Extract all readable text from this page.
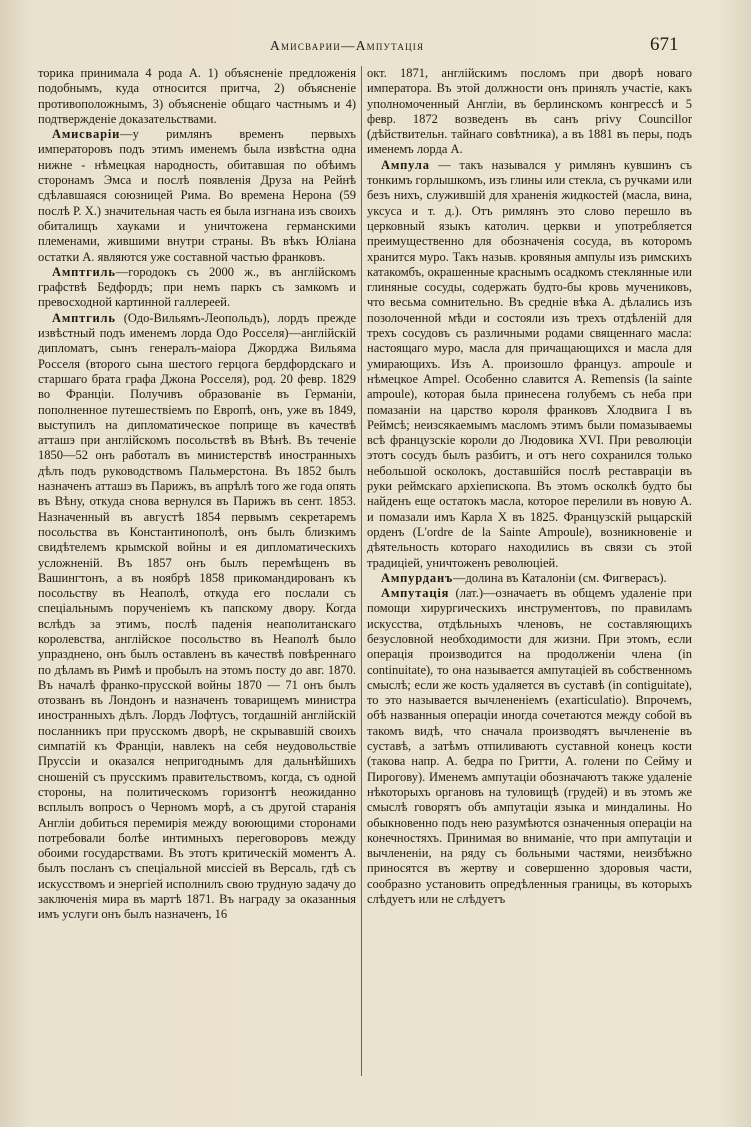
Амисварии—Ампутація	671

торика принимала 4 рода А. 1) объясненіе предложенія подобнымъ, куда относится притча, 2) объясненіе противоположнымъ, 3) объясненіе общаго частнымъ и 4) подтвержденіе доказательствами.

Амисваріи—у римлянъ временъ первыхъ императоровъ подъ этимъ именемъ была извѣстна одна нижне - нѣмецкая народность, обитавшая по обѣимъ сторонамъ Эмса и послѣ появленія Друза на Рейнѣ сдѣлавшаяся союзницей Рима. Во времена Нерона (59 послѣ Р. Х.) значительная часть ея была изгнана изъ своихъ обиталищъ хауками и уничтожена германскими племенами, жившими внутри страны. Въ вѣкъ Юліана остатки А. являются уже составной частью франковъ.

Амптгиль—городокъ съ 2000 ж., въ англійскомъ графствѣ Бедфордъ; при немъ паркъ съ замкомъ и превосходной картинной галлереей.

Амптгиль (Одо-Вильямъ-Леопольдъ), лордъ прежде извѣстный подъ именемъ лорда Одо Росселя)—англійскій дипломатъ, сынъ генералъ-маіора Джорджа Вильяма Росселя (второго сына шестого герцога бердфордскаго и старшаго брата графа Джона Росселя), род. 20 февр. 1829 во Франціи. Получивъ образованіе въ Германіи, пополненное путешествіемъ по Европѣ, онъ, уже въ 1849, выступилъ на дипломатическое поприще въ качествѣ атташэ при англійскомъ посольствѣ въ Вѣнѣ. Въ теченіе 1850—52 онъ работалъ въ министерствѣ иностранныхъ дѣлъ подъ руководствомъ Пальмерстона. Въ 1852 былъ назначенъ атташэ въ Парижъ, въ апрѣлѣ того же года опять въ Вѣну, откуда снова вернулся въ Парижъ въ сент. 1853. Назначенный въ августѣ 1854 первымъ секретаремъ посольства въ Константинополѣ, онъ былъ близкимъ свидѣтелемъ крымской войны и ея дипломатическихъ усложненій. Въ 1857 онъ былъ перемѣщенъ въ Вашингтонъ, а въ ноябрѣ 1858 прикомандированъ къ посольству въ Неаполѣ, откуда его послали съ спеціальнымъ порученіемъ къ папскому двору. Когда вслѣдъ за этимъ, послѣ паденія неаполитанскаго королевства, англійское посольство въ Неаполѣ было упразднено, онъ былъ оставленъ въ качествѣ повѣреннаго по дѣламъ въ Римѣ и пробылъ на этомъ посту до авг. 1870. Въ началѣ франко-прусской войны 1870 — 71 онъ былъ отозванъ въ Лондонъ и назначенъ товарищемъ министра иностранныхъ дѣлъ. Лордъ Лофтусъ, тогдашній англійскій посланникъ при прусскомъ дворѣ, не скрывавшій своихъ симпатій къ Франціи, навлекъ на себя неудовольствіе Пруссіи и оказался непригоднымъ для дальнѣйшихъ сношеній съ прусскимъ правительствомъ, когда, съ одной стороны, на политическомъ горизонтѣ неожиданно всплылъ вопросъ о Черномъ морѣ, а съ другой старанія Англіи добиться перемирія между воюющими сторонами потребовали болѣе интимныхъ переговоровъ между обоими государствами. Въ этотъ критическій моментъ А. былъ посланъ съ спеціальной миссіей въ Версаль, гдѣ съ искусствомъ и энергіей исполнилъ свою трудную задачу до заключенія мира въ мартѣ 1871. Въ награду за оказанныя имъ услуги онъ былъ назначенъ, 16

окт. 1871, англійскимъ посломъ при дворѣ новаго императора. Въ этой должности онъ принялъ участіе, какъ уполномоченный Англіи, въ берлинскомъ конгрессѣ и 5 февр. 1872 возведенъ въ санъ privy Councillor (дѣйствительн. тайнаго совѣтника), а въ 1881 въ перы, подъ именемъ лорда А.

Ампула — такъ назывался у римлянъ кувшинъ съ тонкимъ горлышкомъ, изъ глины или стекла, съ ручками или безъ нихъ, служившій для храненія жидкостей (масла, вина, уксуса и т. д.). Отъ римлянъ это слово перешло въ церковный языкъ католич. церкви и употребляется преимущественно для обозначенія сосуда, въ которомъ хранится муро. Такъ назыв. кровяныя ампулы изъ римскихъ катакомбъ, окрашенные краснымъ осадкомъ стеклянные или глиняные сосуды, содержать будто-бы кровь мучениковъ, что весьма сомнительно. Въ средніе вѣка А. дѣлались изъ позолоченной мѣди и состояли изъ трехъ отдѣленій для трехъ сосудовъ съ различными родами священнаго масла: настоящаго муро, масла для причащающихся и масла для умирающихъ. Изъ А. произошло француз. ampoule и нѣмецкое Ampel. Особенно славится А. Remensis (la sainte ampoule), которая была принесена голубемъ съ неба при помазаніи на царство короля франковъ Хлодвига I въ Реймсѣ; неизсякаемымъ масломъ этимъ были помазываемы всѣ французскіе короли до Людовика XVI. При революціи этотъ сосудъ былъ разбитъ, и отъ него сохранился только небольшой осколокъ, доставшійся послѣ реставраціи въ руки реймскаго архіепископа. Въ этомъ осколкѣ будто бы найденъ еще остатокъ масла, которое перелили въ новую А. и помазали имъ Карла X въ 1825. Французскій рыцарскій орденъ (L'ordre de la Sainte Ampoule), возникновеніе и дѣятельность котораго находились въ связи съ этой традиціей, уничтоженъ революціей.

Ампурданъ—долина въ Каталоніи (см. Фигверасъ).

Ампутація (лат.)—означаетъ въ общемъ удаленіе при помощи хирургическихъ инструментовъ, по правиламъ искусства, отдѣльныхъ членовъ, не составляющихъ безусловной необходимости для жизни. При этомъ, если операція производится на продолженіи члена (in continuitate), то она называется ампутаціей въ собственномъ смыслѣ; если же кость удаляется въ суставѣ (in contiguitate), то это называется вычлененіемъ (exarticulatio). Впрочемъ, обѣ названныя операціи иногда сочетаются между собой въ такомъ видѣ, что сначала производятъ вычлененіе въ суставѣ, а затѣмъ отпиливаютъ суставной конецъ кости (такова напр. А. бедра по Гритти, А. голени по Сейму и Пирогову). Именемъ ампутаціи обозначаютъ также удаленіе нѣкоторыхъ органовъ на туловищѣ (грудей) и въ этомъ же смыслѣ говорятъ объ ампутаціи языка и миндалины. Но обыкновенно подъ нею разумѣются означенныя операціи на конечностяхъ. Принимая во вниманіе, что при ампутаціи и вычлененіи, на ряду съ больными частями, неизбѣжно приносятся въ жертву и совершенно здоровыя части, сообразно установить опредѣленныя границы, въ которыхъ слѣдуетъ или не слѣдуетъ
